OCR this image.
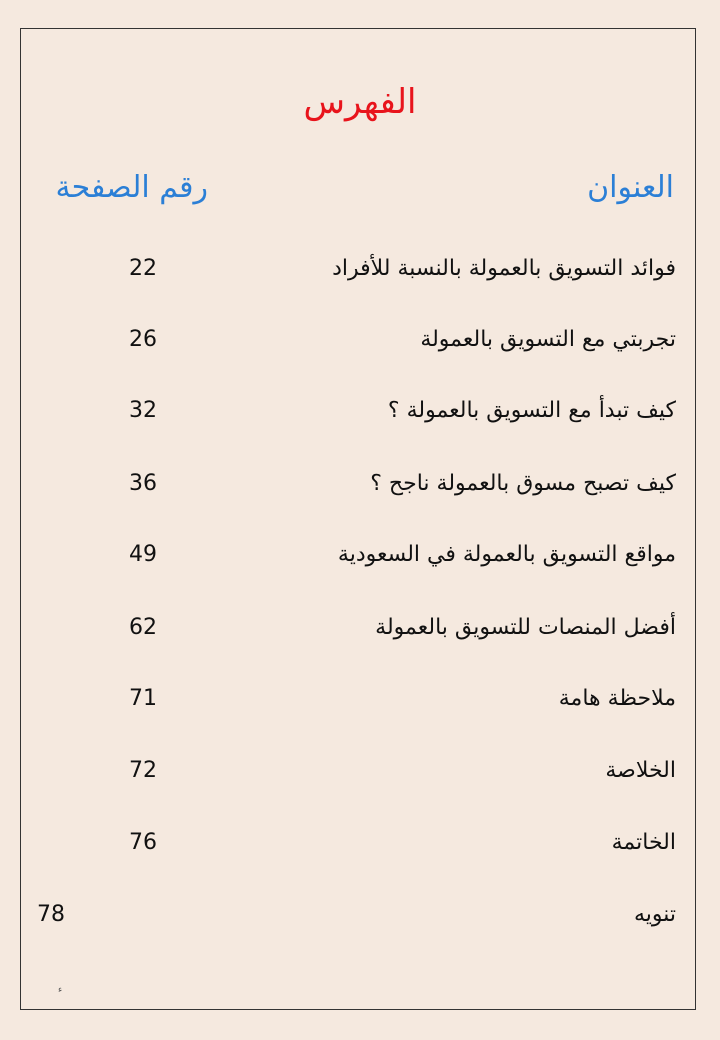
الفهرس
العنوان
رقم الصفحة
فوائد التسويق بالعمولة بالنسبة للأفراد
22
تجربتي مع التسويق بالعمولة
26
كيف تبدأ مع التسويق بالعمولة ؟
32
كيف تصبح مسوق بالعمولة ناجح ؟
36
مواقع التسويق بالعمولة في السعودية
49
أفضل المنصات للتسويق بالعمولة
62
ملاحظة هامة
71
الخلاصة
72
الخاتمة
76
تنويه
78
ء
